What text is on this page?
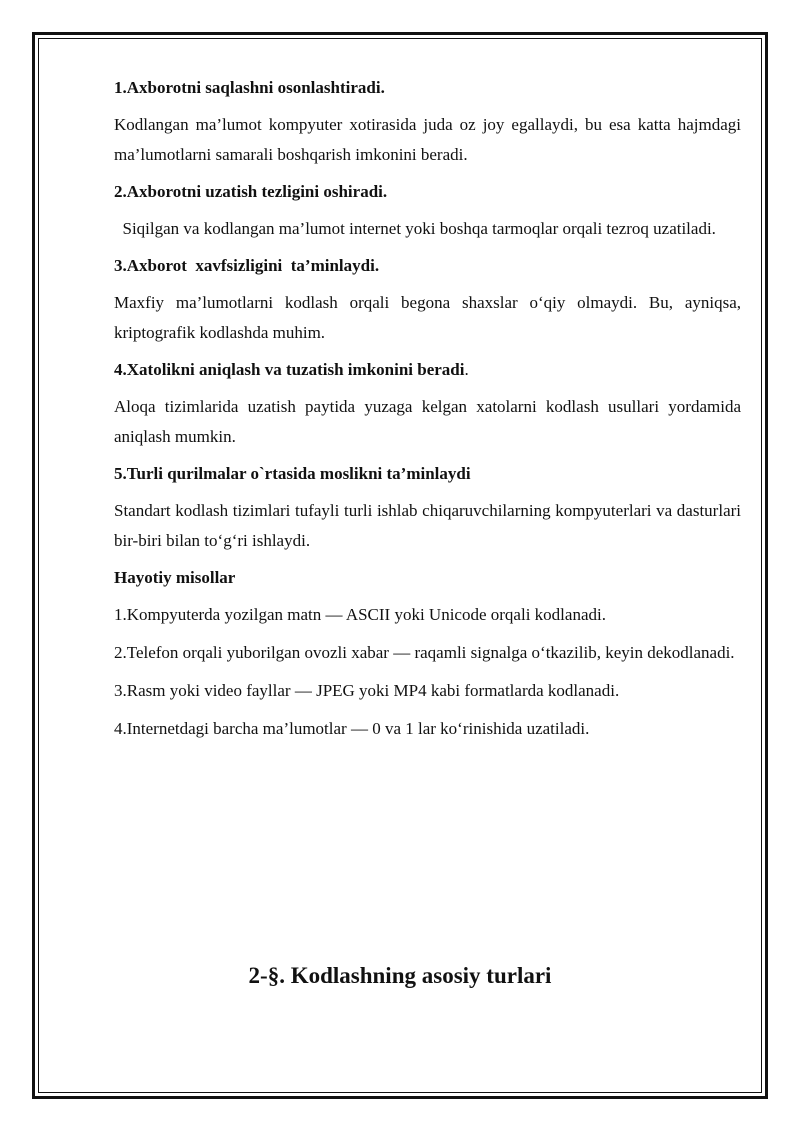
1.Axborotni saqlashni osonlashtiradi.

Kodlangan ma’lumot kompyuter xotirasida juda oz joy egallaydi, bu esa katta hajmdagi ma’lumotlarni samarali boshqarish imkonini beradi.

2.Axborotni uzatish tezligini oshiradi.

Siqilgan va kodlangan ma’lumot internet yoki boshqa tarmoqlar orqali tezroq uzatiladi.

3.Axborot  xavfsizligini  ta’minlaydi.

Maxfiy ma’lumotlarni kodlash orqali begona shaxslar o‘qiy olmaydi. Bu, ayniqsa, kriptografik kodlashda muhim.

4.Xatolikni aniqlash va tuzatish imkonini beradi.

Aloqa tizimlarida uzatish paytida yuzaga kelgan xatolarni kodlash usullari yordamida aniqlash mumkin.

5.Turli qurilmalar o`rtasida moslikni ta’minlaydi

Standart kodlash tizimlari tufayli turli ishlab chiqaruvchilarning kompyuterlari va dasturlari bir-biri bilan to‘g‘ri ishlaydi.

Hayotiy misollar

1.Kompyuterda yozilgan matn — ASCII yoki Unicode orqali kodlanadi.

2.Telefon orqali yuborilgan ovozli xabar — raqamli signalga o‘tkazilib, keyin dekodlanadi.

3.Rasm yoki video fayllar — JPEG yoki MP4 kabi formatlarda kodlanadi.

4.Internetdagi barcha ma’lumotlar — 0 va 1 lar ko‘rinishida uzatiladi.

2-§. Kodlashning asosiy turlari
